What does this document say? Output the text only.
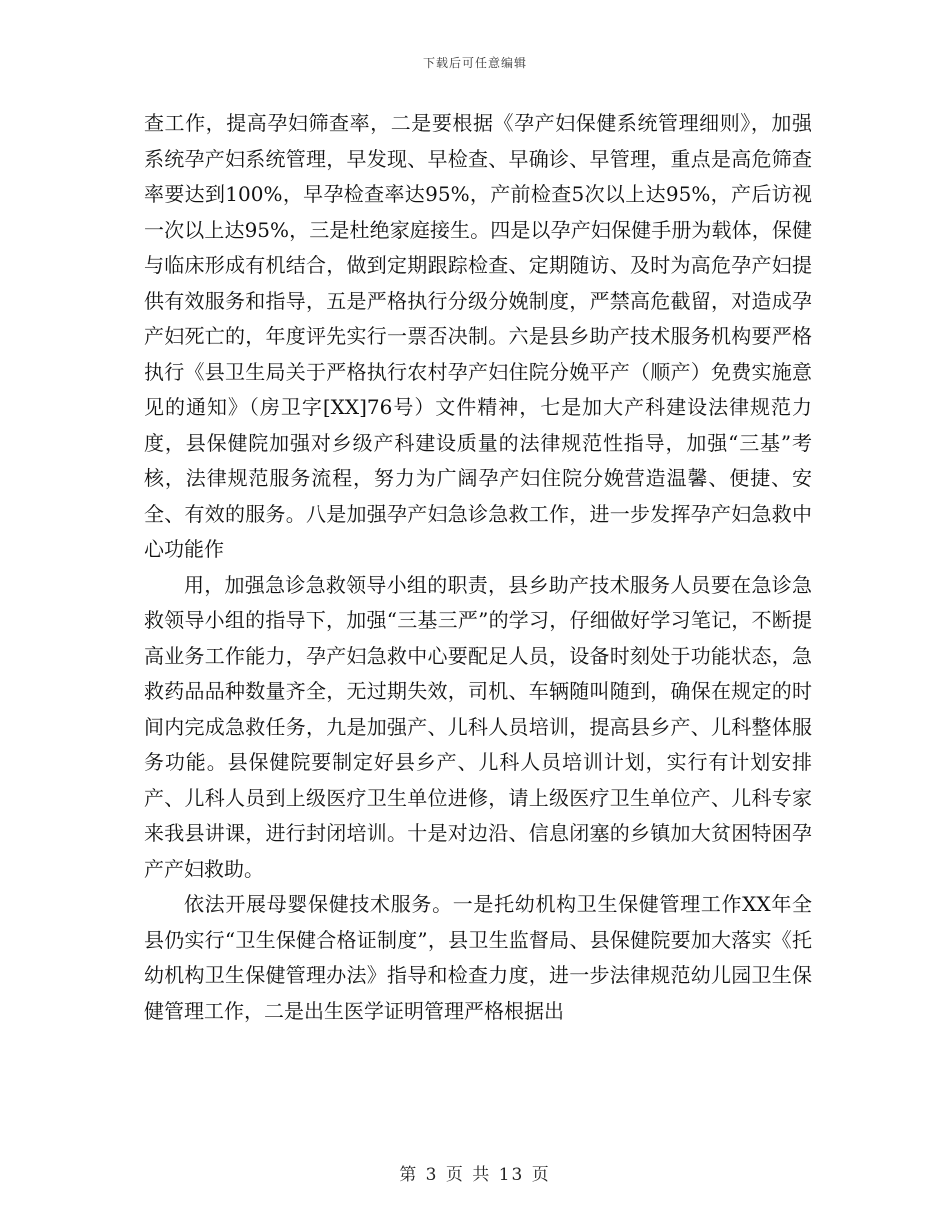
下载后可任意编辑

查工作，提高孕妇筛查率，二是要根据《孕产妇保健系统管理细则》，加强系统孕产妇系统管理，早发现、早检查、早确诊、早管理，重点是高危筛查率要达到100%，早孕检查率达95%，产前检查5次以上达95%，产后访视一次以上达95%，三是杜绝家庭接生。四是以孕产妇保健手册为载体，保健与临床形成有机结合，做到定期跟踪检查、定期随访、及时为高危孕产妇提供有效服务和指导，五是严格执行分级分娩制度，严禁高危截留，对造成孕产妇死亡的，年度评先实行一票否决制。六是县乡助产技术服务机构要严格执行《县卫生局关于严格执行农村孕产妇住院分娩平产（顺产）免费实施意见的通知》（房卫字[XX]76号）文件精神，七是加大产科建设法律规范力度，县保健院加强对乡级产科建设质量的法律规范性指导，加强“三基”考核，法律规范服务流程，努力为广阔孕产妇住院分娩营造温馨、便捷、安全、有效的服务。八是加强孕产妇急诊急救工作，进一步发挥孕产妇急救中心功能作

用，加强急诊急救领导小组的职责，县乡助产技术服务人员要在急诊急救领导小组的指导下，加强“三基三严”的学习，仔细做好学习笔记，不断提高业务工作能力，孕产妇急救中心要配足人员，设备时刻处于功能状态，急救药品品种数量齐全，无过期失效，司机、车辆随叫随到，确保在规定的时间内完成急救任务，九是加强产、儿科人员培训，提高县乡产、儿科整体服务功能。县保健院要制定好县乡产、儿科人员培训计划，实行有计划安排产、儿科人员到上级医疗卫生单位进修，请上级医疗卫生单位产、儿科专家来我县讲课，进行封闭培训。十是对边沿、信息闭塞的乡镇加大贫困特困孕产产妇救助。

依法开展母婴保健技术服务。一是托幼机构卫生保健管理工作XX年全县仍实行“卫生保健合格证制度”，县卫生监督局、县保健院要加大落实《托幼机构卫生保健管理办法》指导和检查力度，进一步法律规范幼儿园卫生保健管理工作，二是出生医学证明管理严格根据出

第 3 页 共 13 页
